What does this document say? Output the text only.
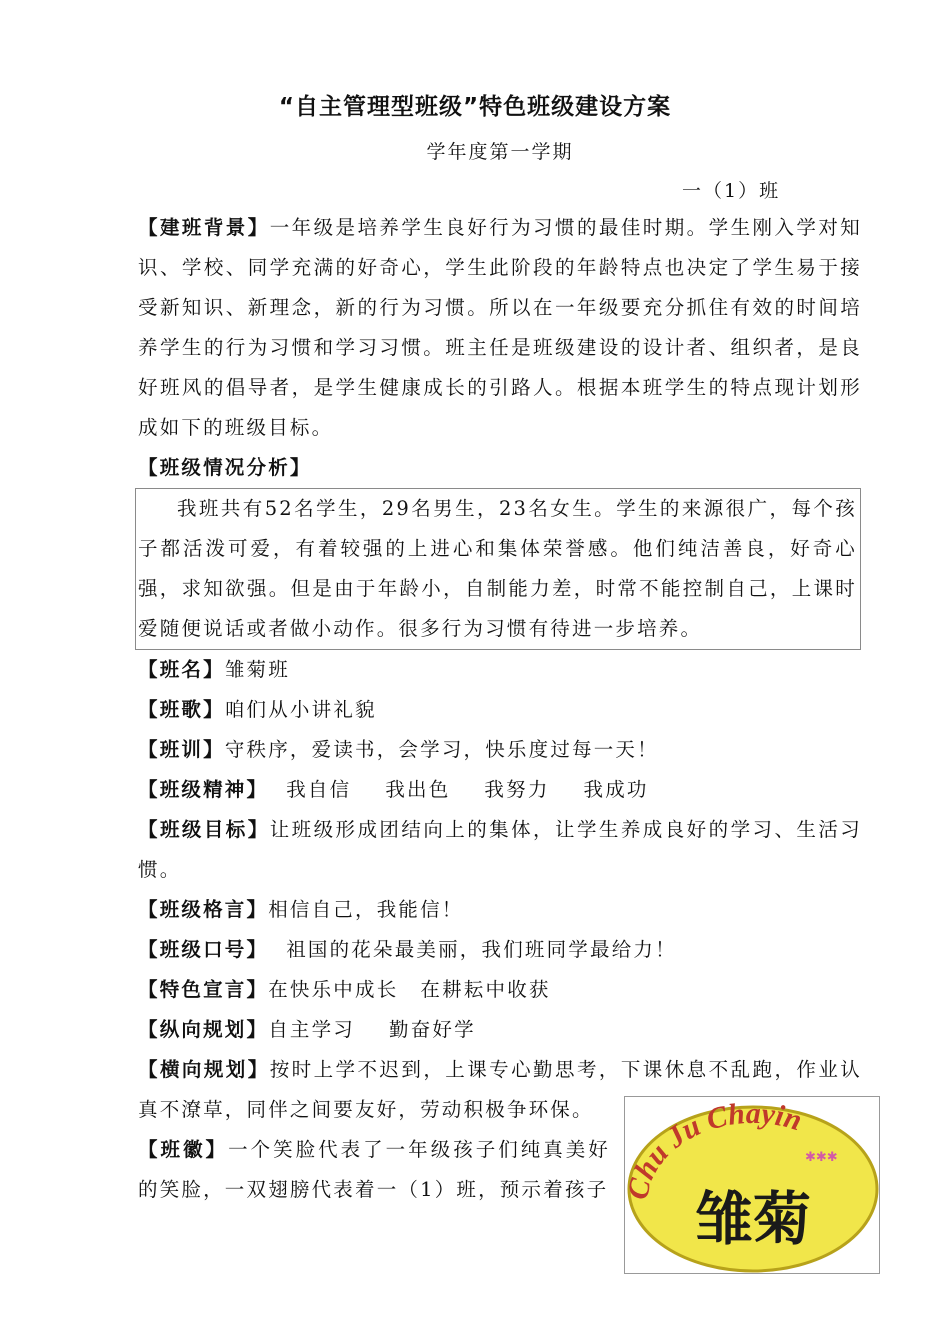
“自主管理型班级”特色班级建设方案
学年度第一学期
一（1）班

【建班背景】一年级是培养学生良好行为习惯的最佳时期。学生刚入学对知识、学校、同学充满的好奇心，学生此阶段的年龄特点也决定了学生易于接受新知识、新理念，新的行为习惯。所以在一年级要充分抓住有效的时间培养学生的行为习惯和学习习惯。班主任是班级建设的设计者、组织者，是良好班风的倡导者，是学生健康成长的引路人。根据本班学生的特点现计划形成如下的班级目标。

【班级情况分析】

我班共有52名学生，29名男生，23名女生。学生的来源很广，每个孩子都活泼可爱，有着较强的上进心和集体荣誉感。他们纯洁善良，好奇心强，求知欲强。但是由于年龄小，自制能力差，时常不能控制自己，上课时爱随便说话或者做小动作。很多行为习惯有待进一步培养。

【班名】雏菊班

【班歌】咱们从小讲礼貌

【班训】守秩序，爱读书，会学习，快乐度过每一天！

【班级精神】 我自信 我出色 我努力 我成功

【班级目标】让班级形成团结向上的集体，让学生养成良好的学习、生活习惯。

【班级格言】相信自己，我能信！

【班级口号】 祖国的花朵最美丽，我们班同学最给力！

【特色宣言】在快乐中成长 在耕耘中收获

【纵向规划】自主学习 勤奋好学

【横向规划】按时上学不迟到，上课专心勤思考，下课休息不乱跑，作业认真不潦草，同伴之间要友好，劳动积极争环保。

【班徽】一个笑脸代表了一年级孩子们纯真美好的笑脸，一双翅膀代表着一（1）班，预示着孩子

hu Ju Chayin
✱✱✱
雏菊
